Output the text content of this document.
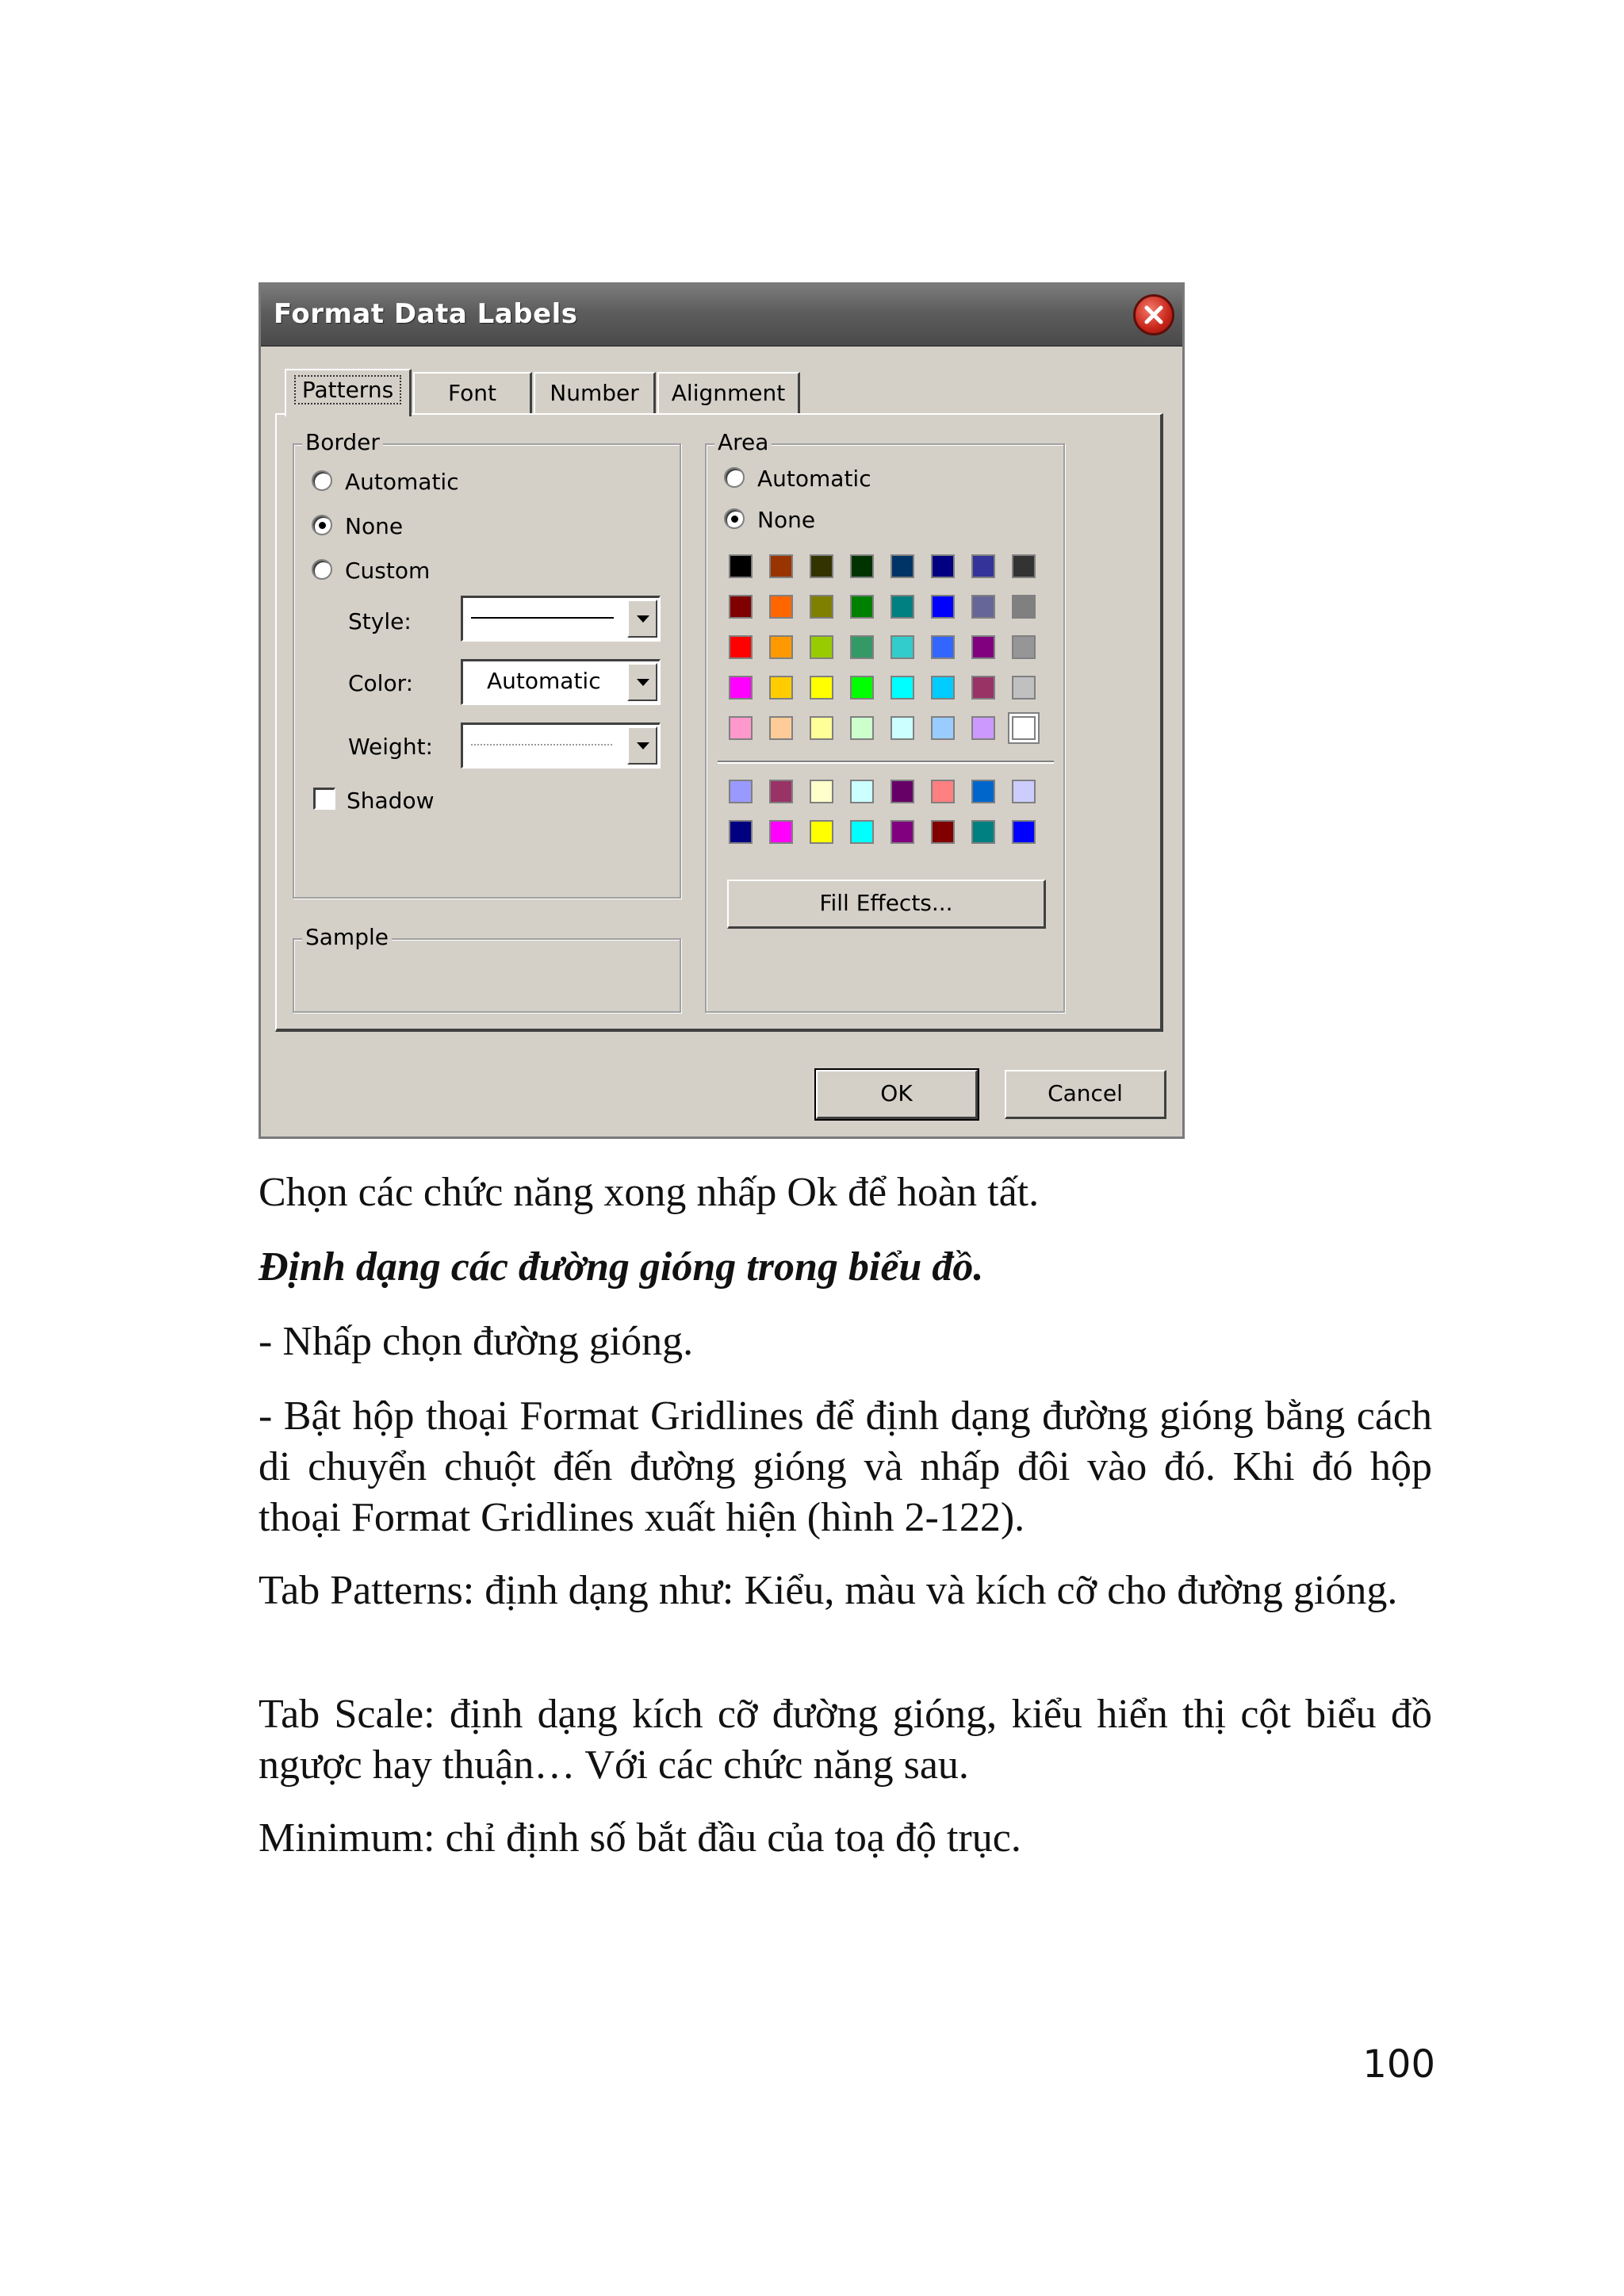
Format Data Labels
Patterns	Font	Number	Alignment
Border
Automatic
None
Custom
Style:
Color:	Automatic
Weight:
Shadow
Sample
Area
Automatic
None
Fill Effects...
OK	Cancel

Chọn các chức năng xong nhấp Ok để hoàn tất.

Định dạng các đường gióng trong biểu đồ.

- Nhấp chọn đường gióng.

- Bật hộp thoại Format Gridlines để định dạng đường gióng bằng cách di chuyển chuột đến đường gióng và nhấp đôi vào đó. Khi đó hộp thoại Format Gridlines xuất hiện (hình 2-122).

Tab Patterns: định dạng như: Kiểu, màu và kích cỡ cho đường gióng.

Tab Scale: định dạng kích cỡ đường gióng, kiểu hiển thị cột biểu đồ ngược hay thuận… Với các chức năng sau.

Minimum: chỉ định số bắt đầu của toạ độ trục.

100
